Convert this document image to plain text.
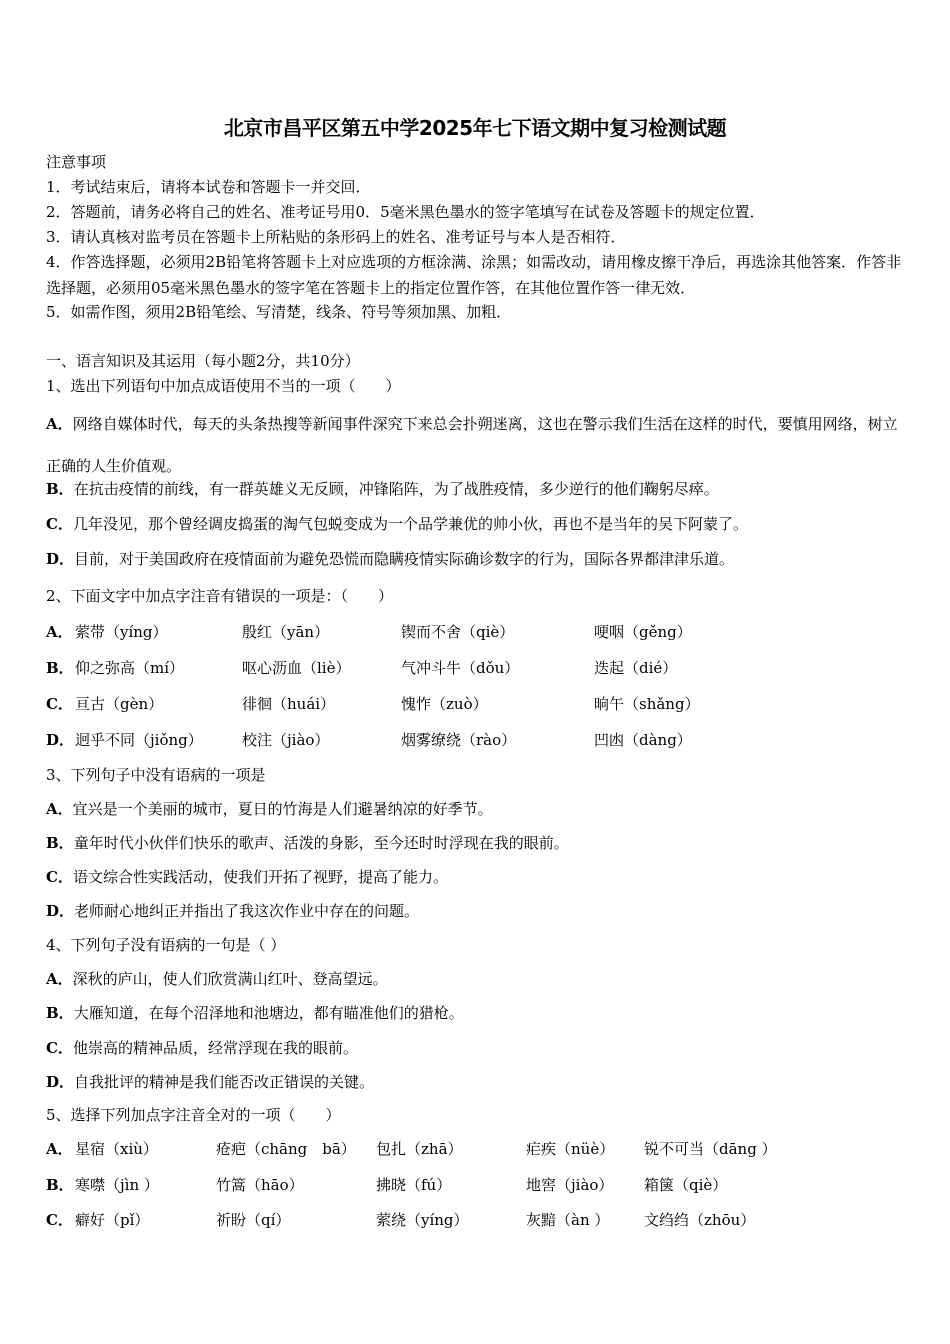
北京市昌平区第五中学2025年七下语文期中复习检测试题
注意事项
1．考试结束后，请将本试卷和答题卡一并交回．
2．答题前，请务必将自己的姓名、准考证号用0．5毫米黑色墨水的签字笔填写在试卷及答题卡的规定位置．
3．请认真核对监考员在答题卡上所粘贴的条形码上的姓名、准考证号与本人是否相符．
4．作答选择题，必须用2B铅笔将答题卡上对应选项的方框涂满、涂黑；如需改动，请用橡皮擦干净后，再选涂其他答案．作答非选择题，必须用05毫米黑色墨水的签字笔在答题卡上的指定位置作答，在其他位置作答一律无效．
5．如需作图，须用2B铅笔绘、写清楚，线条、符号等须加黑、加粗．
一、语言知识及其运用（每小题2分，共10分）
1、选出下列语句中加点成语使用不当的一项（　　）
A．网络自媒体时代，每天的头条热搜等新闻事件深究下来总会扑朔迷离，这也在警示我们生活在这样的时代，要慎用网络，树立正确的人生价值观。
B．在抗击疫情的前线，有一群英雄义无反顾，冲锋陷阵，为了战胜疫情，多少逆行的他们鞠躬尽瘁。
C．几年没见，那个曾经调皮捣蛋的淘气包蜕变成为一个品学兼优的帅小伙，再也不是当年的吴下阿蒙了。
D．目前，对于美国政府在疫情面前为避免恐慌而隐瞒疫情实际确诊数字的行为，国际各界都津津乐道。
2、下面文字中加点字注音有错误的一项是：（　　）
A． 萦带（yíng）	殷红（yān）	锲而不舍（qiè）	哽咽（gěng）
B． 仰之弥高（mí）	呕心沥血（liè）	气冲斗牛（dǒu）	迭起（dié）
C． 亘古（gèn）	徘徊（huái）	愧怍（zuò）	晌午（shǎng）
D． 迥乎不同（jiǒng）	校注（jiào）	烟雾缭绕（rào）	凹凼（dàng）
3、下列句子中没有语病的一项是
A．宜兴是一个美丽的城市，夏日的竹海是人们避暑纳凉的好季节。
B．童年时代小伙伴们快乐的歌声、活泼的身影，至今还时时浮现在我的眼前。
C．语文综合性实践活动，使我们开拓了视野，提高了能力。
D．老师耐心地纠正并指出了我这次作业中存在的问题。
4、下列句子没有语病的一句是（ ）
A．深秋的庐山，使人们欣赏满山红叶、登高望远。
B．大雁知道，在每个沼泽地和池塘边，都有瞄准他们的猎枪。
C．他崇高的精神品质，经常浮现在我的眼前。
D．自我批评的精神是我们能否改正错误的关键。
5、选择下列加点字注音全对的一项（　　）
A． 星宿（xiù）	疮疤（chāng　bā） 包扎（zhā）	疟疾（nüè） 锐不可当（dāng ）
B． 寒噤（jìn ）	竹篙（hāo）	拂晓（fú）	地窖（jiào） 箱箧（qiè）
C． 癖好（pǐ）	祈盼（qí）	萦绕（yíng）	灰黯（àn ） 文绉绉（zhōu）
